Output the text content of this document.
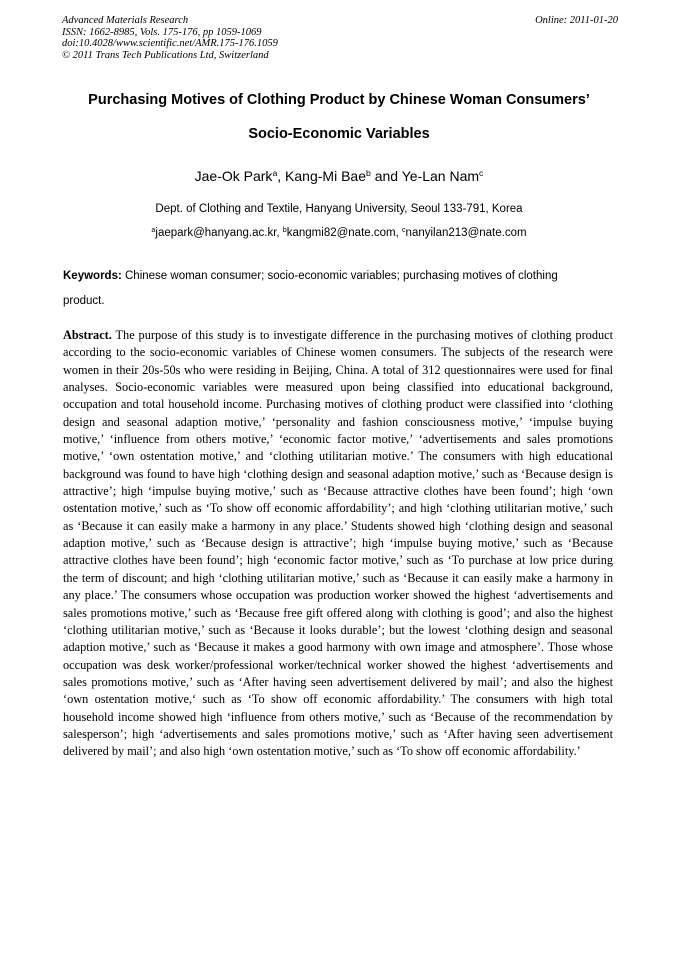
Advanced Materials Research
ISSN: 1662-8985, Vols. 175-176, pp 1059-1069
doi:10.4028/www.scientific.net/AMR.175-176.1059
© 2011 Trans Tech Publications Ltd, Switzerland
Online: 2011-01-20
Purchasing Motives of Clothing Product by Chinese Woman Consumers’
Socio-Economic Variables
Jae-Ok Park$^a$, Kang-Mi Bae$^b$ and Ye-Lan Nam$^c$
Dept. of Clothing and Textile, Hanyang University, Seoul 133-791, Korea
$^a$jaepark@hanyang.ac.kr, $^b$kangmi82@nate.com, $^c$nanyilan213@nate.com
Keywords: Chinese woman consumer; socio-economic variables; purchasing motives of clothing product.
Abstract. The purpose of this study is to investigate difference in the purchasing motives of clothing product according to the socio-economic variables of Chinese women consumers. The subjects of the research were women in their 20s-50s who were residing in Beijing, China. A total of 312 questionnaires were used for final analyses. Socio-economic variables were measured upon being classified into educational background, occupation and total household income. Purchasing motives of clothing product were classified into ‘clothing design and seasonal adaption motive,’ ‘personality and fashion consciousness motive,’ ‘impulse buying motive,’ ‘influence from others motive,’ ‘economic factor motive,’ ‘advertisements and sales promotions motive,’ ‘own ostentation motive,’ and ‘clothing utilitarian motive.’ The consumers with high educational background was found to have high ‘clothing design and seasonal adaption motive,’ such as ‘Because design is attractive’; high ‘impulse buying motive,’ such as ‘Because attractive clothes have been found’; high ‘own ostentation motive,’ such as ‘To show off economic affordability’; and high ‘clothing utilitarian motive,’ such as ‘Because it can easily make a harmony in any place.’ Students showed high ‘clothing design and seasonal adaption motive,’ such as ‘Because design is attractive’; high ‘impulse buying motive,’ such as ‘Because attractive clothes have been found’; high ‘economic factor motive,’ such as ‘To purchase at low price during the term of discount; and high ‘clothing utilitarian motive,’ such as ‘Because it can easily make a harmony in any place.’ The consumers whose occupation was production worker showed the highest ‘advertisements and sales promotions motive,’ such as ‘Because free gift offered along with clothing is good’; and also the highest ‘clothing utilitarian motive,’ such as ‘Because it looks durable’; but the lowest ‘clothing design and seasonal adaption motive,’ such as ‘Because it makes a good harmony with own image and atmosphere’. Those whose occupation was desk worker/professional worker/technical worker showed the highest ‘advertisements and sales promotions motive,’ such as ‘After having seen advertisement delivered by mail’; and also the highest ‘own ostentation motive,‘ such as ‘To show off economic affordability.’ The consumers with high total household income showed high ‘influence from others motive,’ such as ‘Because of the recommendation by salesperson’; high ‘advertisements and sales promotions motive,’ such as ‘After having seen advertisement delivered by mail’; and also high ‘own ostentation motive,’ such as ‘To show off economic affordability.’
